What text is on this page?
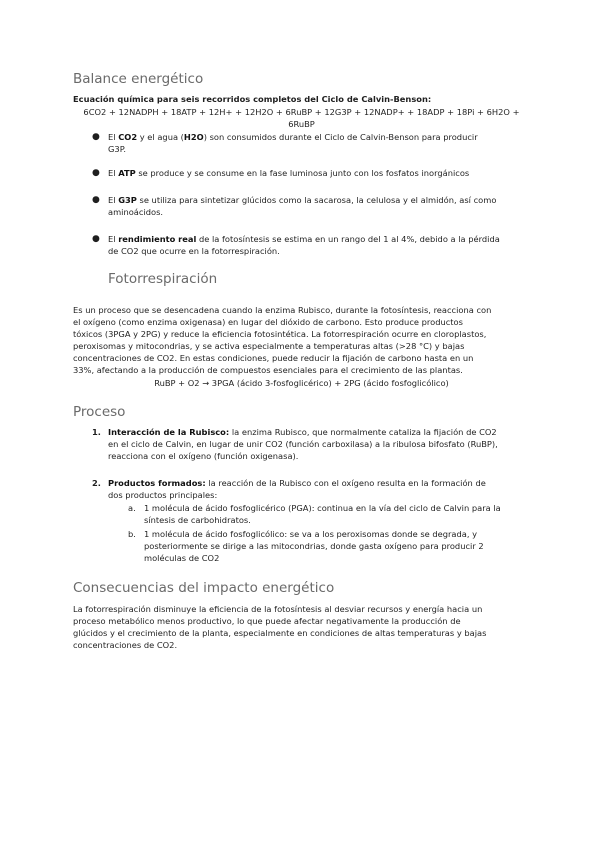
Balance energético

Ecuación química para seis recorridos completos del Ciclo de Calvin-Benson:

6CO2 + 12NADPH + 18ATP + 12H+ + 12H2O + 6RuBP + 12G3P + 12NADP+ + 18ADP + 18Pi + 6H2O +

6RuBP

● El CO2 y el agua (H2O) son consumidos durante el Ciclo de Calvin-Benson para producir

G3P.

● El ATP se produce y se consume en la fase luminosa junto con los fosfatos inorgánicos

● El G3P se utiliza para sintetizar glúcidos como la sacarosa, la celulosa y el almidón, así como

aminoácidos.

● El rendimiento real de la fotosíntesis se estima en un rango del 1 al 4%, debido a la pérdida

de CO2 que ocurre en la fotorrespiración.

Fotorrespiración

Es un proceso que se desencadena cuando la enzima Rubisco, durante la fotosíntesis, reacciona con

el oxígeno (como enzima oxigenasa) en lugar del dióxido de carbono. Esto produce productos

tóxicos (3PGA y 2PG) y reduce la eficiencia fotosintética. La fotorrespiración ocurre en cloroplastos,

peroxisomas y mitocondrias, y se activa especialmente a temperaturas altas (>28 °C) y bajas

concentraciones de CO2. En estas condiciones, puede reducir la fijación de carbono hasta en un

33%, afectando a la producción de compuestos esenciales para el crecimiento de las plantas.

RuBP + O2 → 3PGA (ácido 3-fosfoglicérico) + 2PG (ácido fosfoglicólico)

Proceso
1. Interacción de la Rubisco: la enzima Rubisco, que normalmente cataliza la fijación de CO2

en el ciclo de Calvin, en lugar de unir CO2 (función carboxilasa) a la ribulosa bifosfato (RuBP),

reacciona con el oxígeno (función oxigenasa).

2. Productos formados: la reacción de la Rubisco con el oxígeno resulta en la formación de

dos productos principales:

a. 1 molécula de ácido fosfoglicérico (PGA): continua en la vía del ciclo de Calvin para la

síntesis de carbohidratos.

b. 1 molécula de ácido fosfoglicólico: se va a los peroxisomas donde se degrada, y

posteriormente se dirige a las mitocondrias, donde gasta oxígeno para producir 2

moléculas de CO2

Consecuencias del impacto energético

La fotorrespiración disminuye la eficiencia de la fotosíntesis al desviar recursos y energía hacia un

proceso metabólico menos productivo, lo que puede afectar negativamente la producción de

glúcidos y el crecimiento de la planta, especialmente en condiciones de altas temperaturas y bajas

concentraciones de CO2.
